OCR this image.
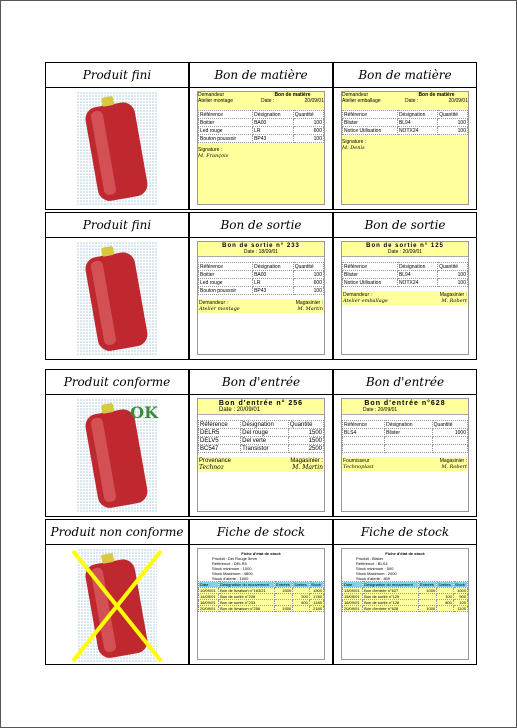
Produit fini	Bon de matière
Demandeur
Atelier montage
Bon de matière
Date :	20/09/01
Référence	Désignation	Quantité
Boitier	BA00	100
Led rouge	LR	600
Bouton poussoir	BP43	100
Signature :
M. François
Bon de matière
Demandeur
Atelier emballage
Bon de matière
Date :	20/09/01
Référence	Désignation	Quantité
Blister	BL94	100
Notice Utilisation	NOTX24	100
Signature :
M. Denis
Produit fini	Bon de sortie
Bon de sortie n° 233
Date : 18/09/01
Référence	Désignation	Quantité
Boitier	BA00	100
Led rouge	LR	600
Bouton poussoir	BP43	100
Demandeur :	Magasinier :
Atelier montage	M. Martin
Bon de sortie
Bon de sortie n° 125
Date : 20/09/01
Référence	Désignation	Quantité
Blister	BL94	100
Notice Utilisation	NOTX24	100
Demandeur :	Magasinier :
Atelier emballage	M. Robert
Produit conforme
OK
Bon d'entrée
Bon d'entrée n° 256
Date : 20/09/01
Référence	Désignation	Quantité
DELR5	Del rouge	1500
DELV5	Del verte	1500
BC547	Transistor	2500
Provenance	Magasinier :
Technoz	M. Martin
Bon d'entrée
Bon d'entrée n°628
Date : 20/09/01
Référence	Désignation	Quantité
BLS4	Blister	1000

Fournisseur	Magasinier :
Technoplast	M. Robert
Produit non conforme	Fiche de stock
Fiche d'état de stock
Produit : Del Rouge 5mm
Référence : DELR5
Stock minimum : 1000
Stock Maximum : 4800
Stock d'alerte : 1600
Date	Désignation du mouvement	Entrées	Sorties	Stock
10/09/01	Bon de livraison n°163/21	1500		1500
14/09/01	Bon de sortie n°228		200	1780
18/09/01	Bon de sortie n°233		600	1180
20/09/01	Bon de livraison n°256	1500		2180
Fiche de stock
Fiche d'état de stock
Produit : Blister
Référence : BLS4
Stock minimum : 500
Stock Maximum : 2000
Stock d'alerte : 800
Date	Désignation du mouvement	Entrées	Sorties	Stock
13/09/01	Bon d'entrée n°627	1000		1000
15/09/01	Bon de sortie n°125		100	900
18/09/01	Bon de sortie n°128		800	100
20/09/01	Bon d'entrée n°628	1000		1100
